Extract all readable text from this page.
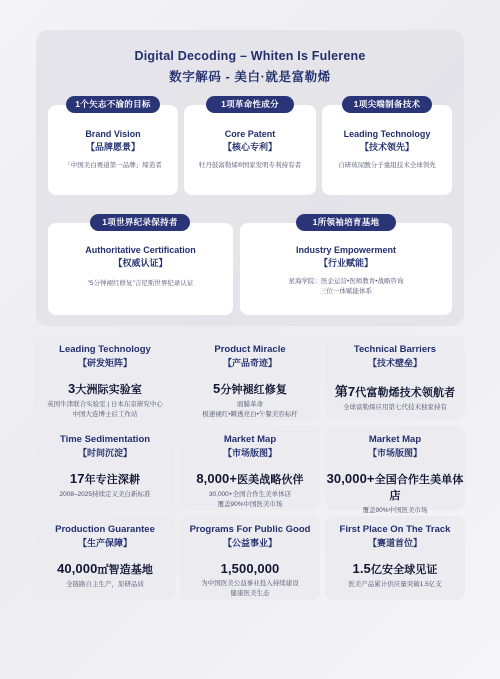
Digital Decoding – Whiten Is Fulerene
数字解码 - 美白·就是富勒烯
Brand Vision
【品牌愿景】
「中国美白赛道第一品牌」缔造者
1个矢志不渝的目标
Core Patent
【核心专利】
牡丹鼓富勒烯®国家发明专利持有者
1项革命性成分
Leading Technology
【技术领先】
自研玻尿酸分子重组技术全球领先
1项尖端制备技术
Authoritative Certification
【权威认证】
"5分钟褪红修复"吉尼斯世界纪录认证
1项世界纪录保持者
Industry Empowerment
【行业赋能】
星海学院：医企运营•医师教育•战略咨询
三位一体赋能体系
1所领袖培育基地
Leading Technology
【研发矩阵】
3大洲际实验室
英国牛津联合实验室 | 日本东京研究中心
中国大连博士后工作站
Product Miracle
【产品奇迹】
5分钟褪红修复
面膜革命
极速褪红•瞬透亮白•午餐美容标杆
Technical Barriers
【技术壁垒】
第7代富勒烯技术领航者
全球富勒烯应用第七代技术独家持有
Time Sedimentation
【时间沉淀】
17年专注深耕
2008–2025持续定义美白新标准
Market Map
【市场版图】
8,000+医美战略伙伴
30,000+全国合作生美单体店
覆盖90%中国医美市场
Market Map
【市场版图】
30,000+全国合作生美单体店
覆盖90%中国医美市场
Production Guarantee
【生产保障】
40,000㎡智造基地
全链路自主生产，原研品质
Programs For Public Good
【公益事业】
1,500,000
为中国医美公益事业投入持续建设
健康医美生态
First Place On The Track
【赛道首位】
1.5亿安全球见证
医美产品累计供应量突破1.5亿支
